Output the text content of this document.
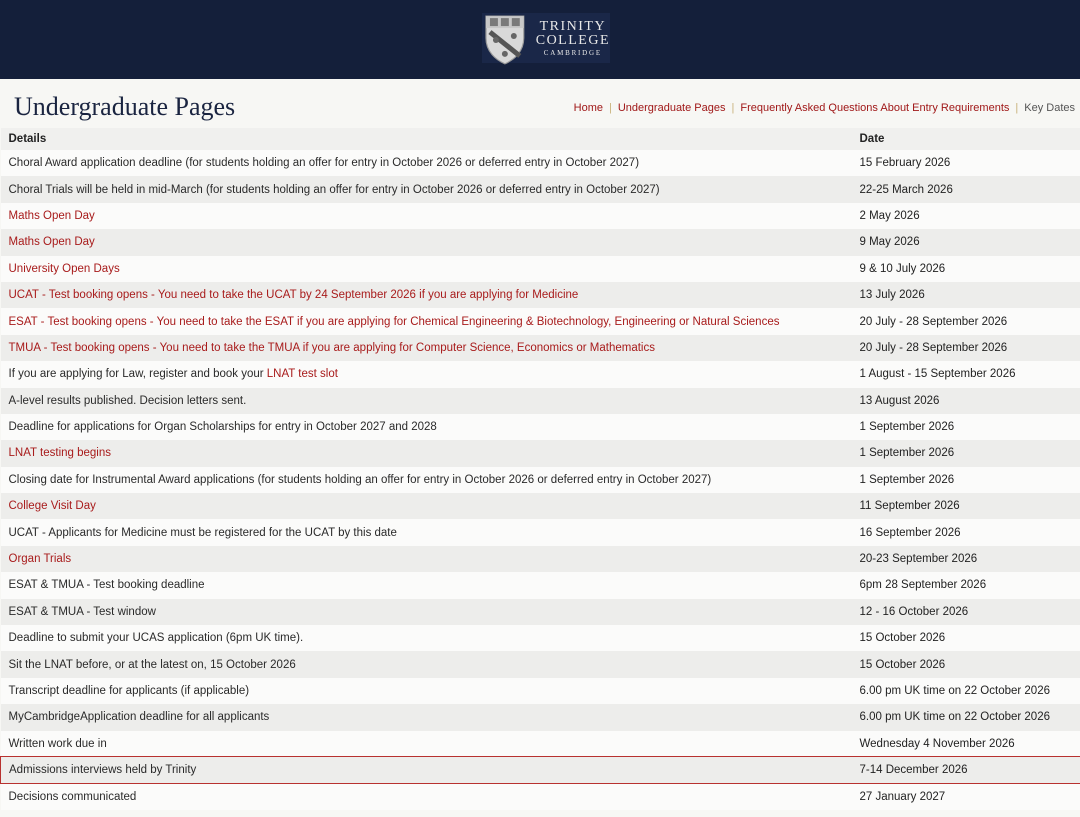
TRINITY
COLLEGE
CAMBRIDGE
Undergraduate Pages	Home | Undergraduate Pages | Frequently Asked Questions About Entry Requirements | Key Dates
Details	Date
Choral Award application deadline (for students holding an offer for entry in October 2026 or deferred entry in October 2027)	15 February 2026
Choral Trials will be held in mid-March (for students holding an offer for entry in October 2026 or deferred entry in October 2027)	22-25 March 2026
Maths Open Day	2 May 2026
Maths Open Day	9 May 2026
University Open Days	9 & 10 July 2026
UCAT - Test booking opens - You need to take the UCAT by 24 September 2026 if you are applying for Medicine	13 July 2026
ESAT - Test booking opens - You need to take the ESAT if you are applying for Chemical Engineering & Biotechnology, Engineering or Natural Sciences	20 July - 28 September 2026
TMUA - Test booking opens - You need to take the TMUA if you are applying for Computer Science, Economics or Mathematics	20 July - 28 September 2026
If you are applying for Law, register and book your LNAT test slot	1 August - 15 September 2026
A-level results published. Decision letters sent.	13 August 2026
Deadline for applications for Organ Scholarships for entry in October 2027 and 2028	1 September 2026
LNAT testing begins	1 September 2026
Closing date for Instrumental Award applications (for students holding an offer for entry in October 2026 or deferred entry in October 2027)	1 September 2026
College Visit Day	11 September 2026
UCAT - Applicants for Medicine must be registered for the UCAT by this date	16 September 2026
Organ Trials	20-23 September 2026
ESAT & TMUA - Test booking deadline	6pm 28 September 2026
ESAT & TMUA - Test window	12 - 16 October 2026
Deadline to submit your UCAS application (6pm UK time).	15 October 2026
Sit the LNAT before, or at the latest on, 15 October 2026	15 October 2026
Transcript deadline for applicants (if applicable)	6.00 pm UK time on 22 October 2026
MyCambridgeApplication deadline for all applicants	6.00 pm UK time on 22 October 2026
Written work due in	Wednesday 4 November 2026
Admissions interviews held by Trinity	7-14 December 2026
Decisions communicated	27 January 2027
